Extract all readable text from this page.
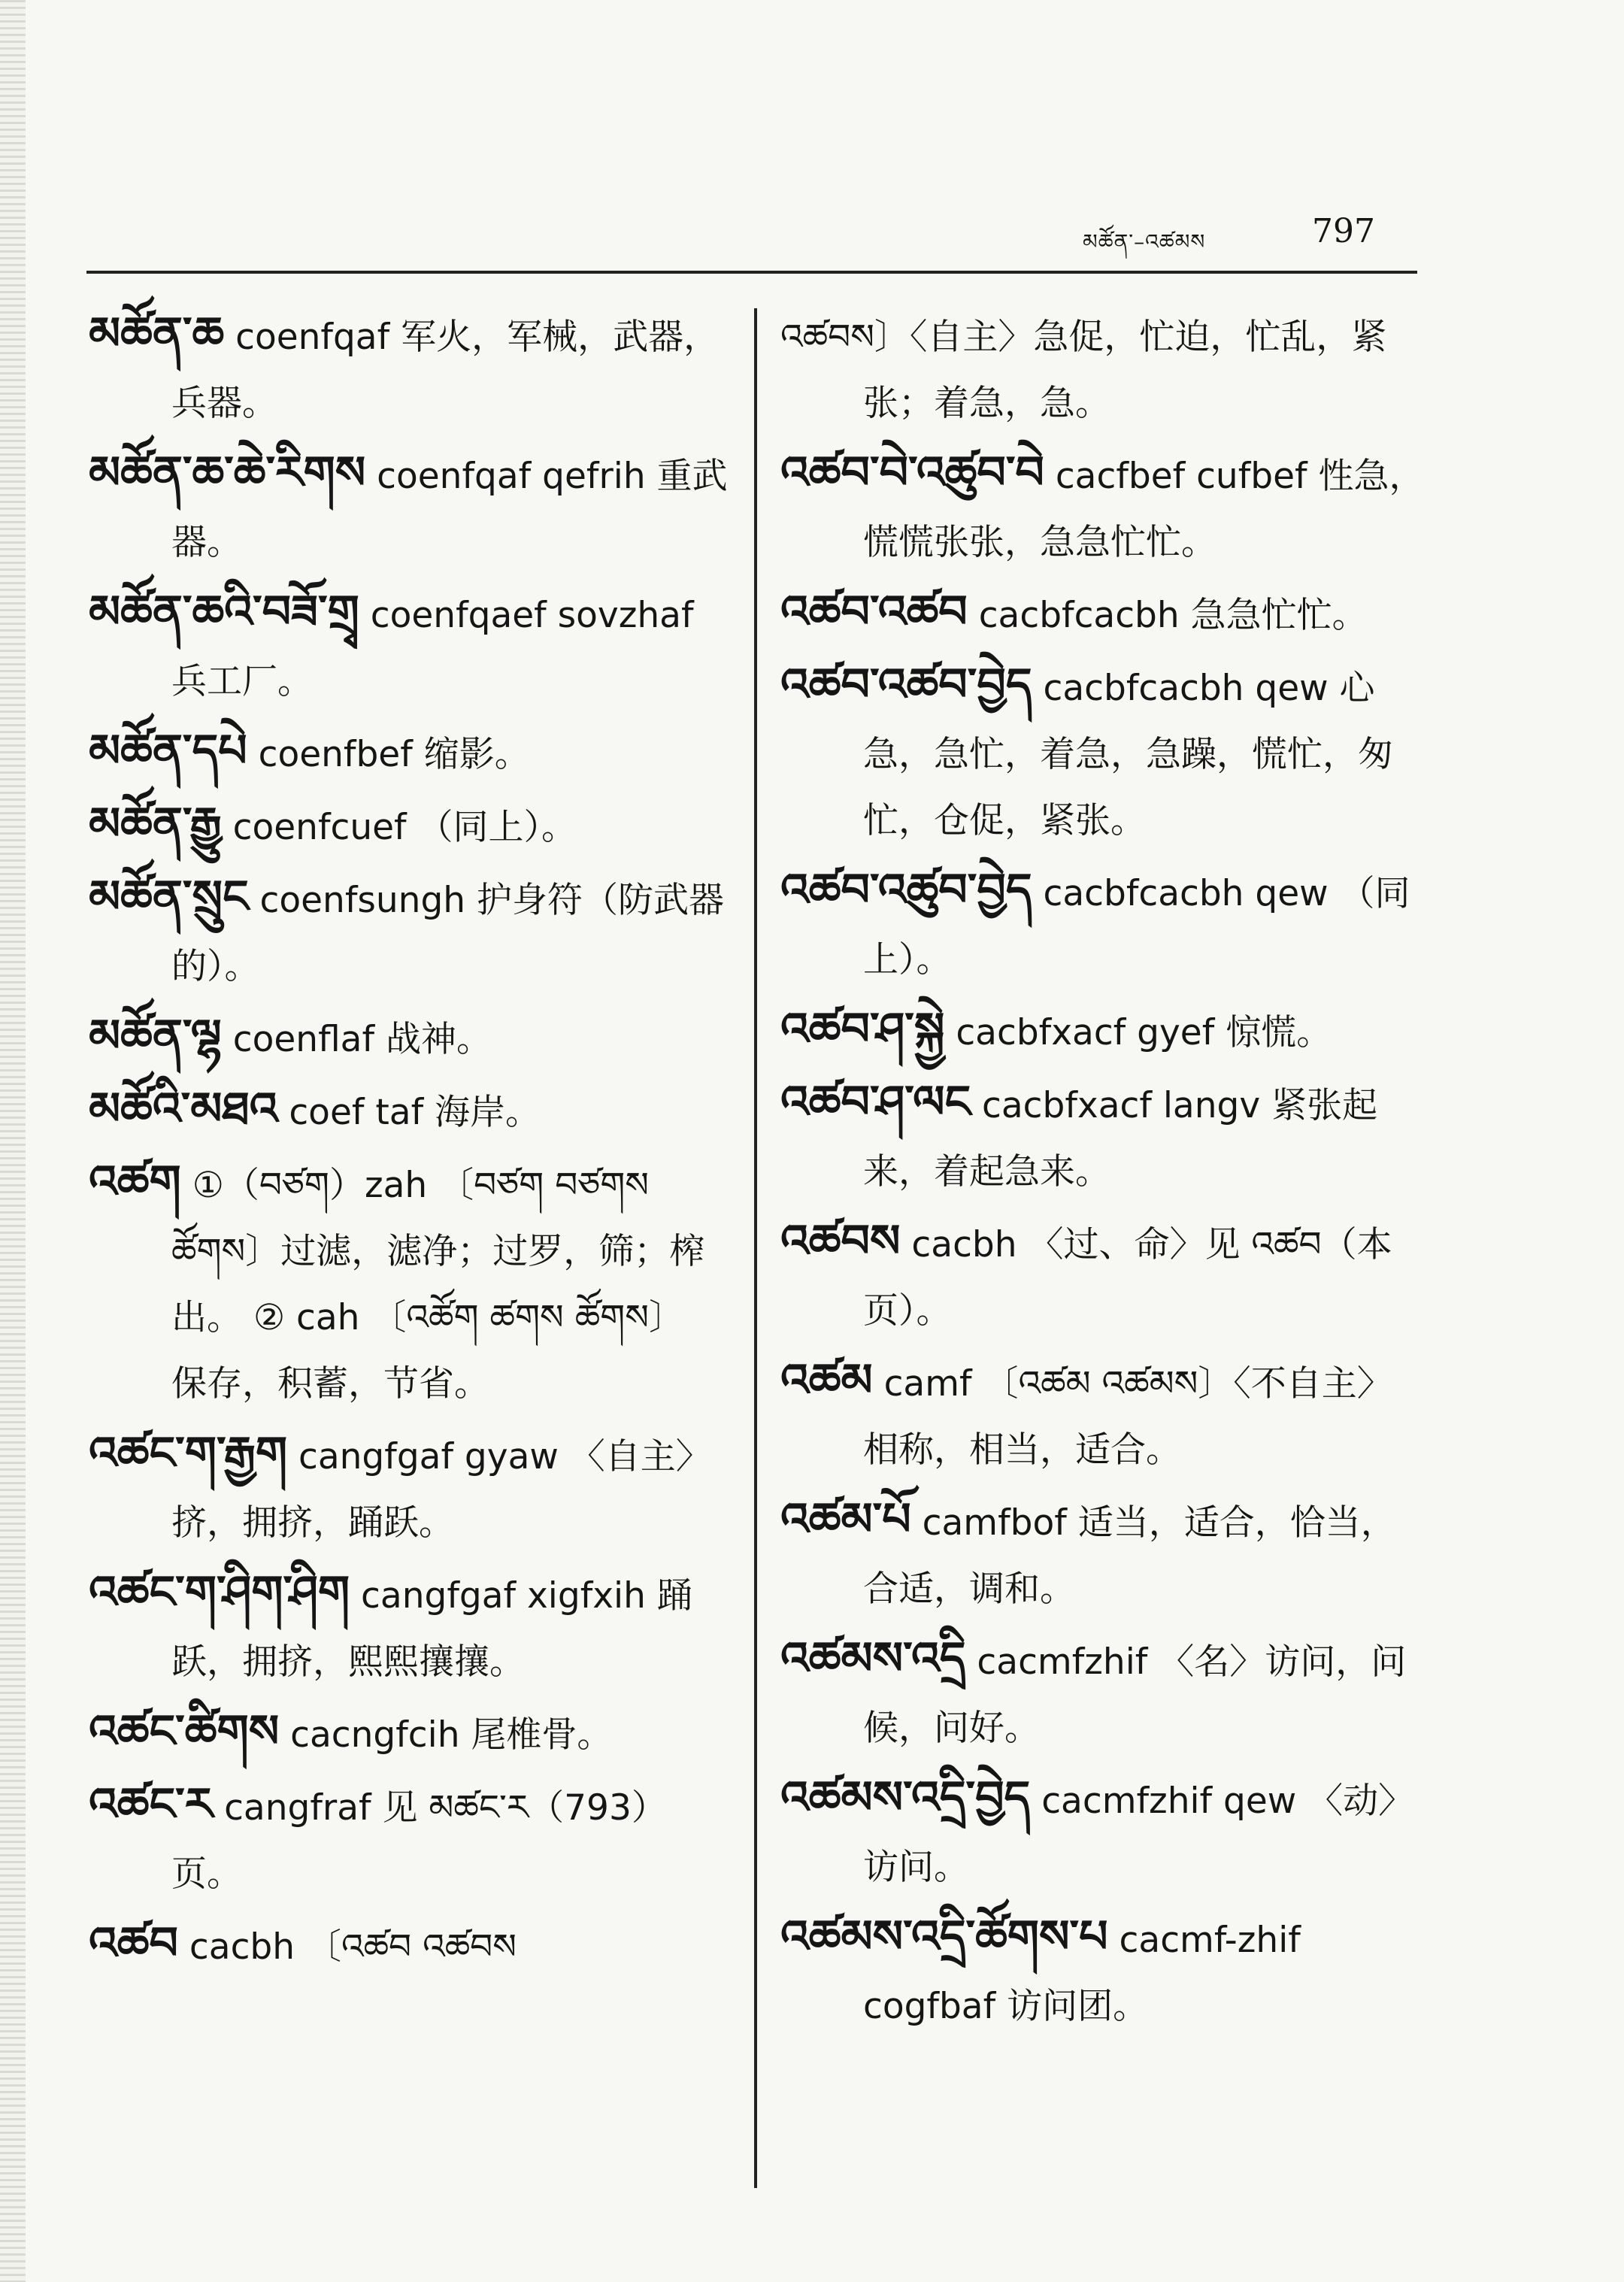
མཚོན་–འཚམས	797

མཚོན་ཆ coenfqaf 军火，军械，武器，兵器。

མཚོན་ཆ་ཆེ་རིགས coenfqaf qefrih 重武器。

མཚོན་ཆའི་བཟོ་གྲྭ coenfqaef sovzhaf 兵工厂。

མཚོན་དཔེ coenfbef 缩影。

མཚོན་རྒྱུ coenfcuef （同上）。

མཚོན་སྲུང coenfsungh 护身符（防武器的）。

མཚོན་ལྷ coenflaf 战神。

མཚོའི་མཐའ coef taf 海岸。

འཚག ①（བཙག）zah 〔བཙག བཙགས ཚོགས〕过滤，滤净；过罗，筛；榨出。 ② cah 〔འཚོག ཚགས ཚོགས〕 保存，积蓄，节省。

འཚང་ག་རྒྱག cangfgaf gyaw 〈自主〉挤，拥挤，踊跃。

འཚང་ག་ཤིག་ཤིག cangfgaf xigfxih 踊跃，拥挤，熙熙攘攘。

འཚང་ཚིགས cacngfcih 尾椎骨。

འཚང་ར cangfraf 见 མཚང་ར（793）页。

འཚབ cacbh 〔འཚབ འཚབས

འཚབས〕〈自主〉急促，忙迫，忙乱，紧张；着急，急。

འཚབ་བེ་འཚུབ་བེ cacfbef cufbef 性急，慌慌张张，急急忙忙。

འཚབ་འཚབ cacbfcacbh 急急忙忙。

འཚབ་འཚབ་བྱེད cacbfcacbh qew 心急，急忙，着急，急躁，慌忙，匆忙，仓促，紧张。

འཚབ་འཚུབ་བྱེད cacbfcacbh qew （同上）。

འཚབ་ཤ་སྐྱེ cacbfxacf gyef 惊慌。

འཚབ་ཤ་ལང cacbfxacf langv 紧张起来，着起急来。

འཚབས cacbh 〈过、命〉见 འཚབ（本页）。

འཚམ camf 〔འཚམ འཚམས〕〈不自主〉相称，相当，适合。

འཚམ་པོ camfbof 适当，适合，恰当，合适，调和。

འཚམས་འདྲི cacmfzhif 〈名〉访问，问候，问好。

འཚམས་འདྲི་བྱེད cacmfzhif qew 〈动〉访问。

འཚམས་འདྲི་ཚོགས་པ cacmf-zhif cogfbaf 访问团。
